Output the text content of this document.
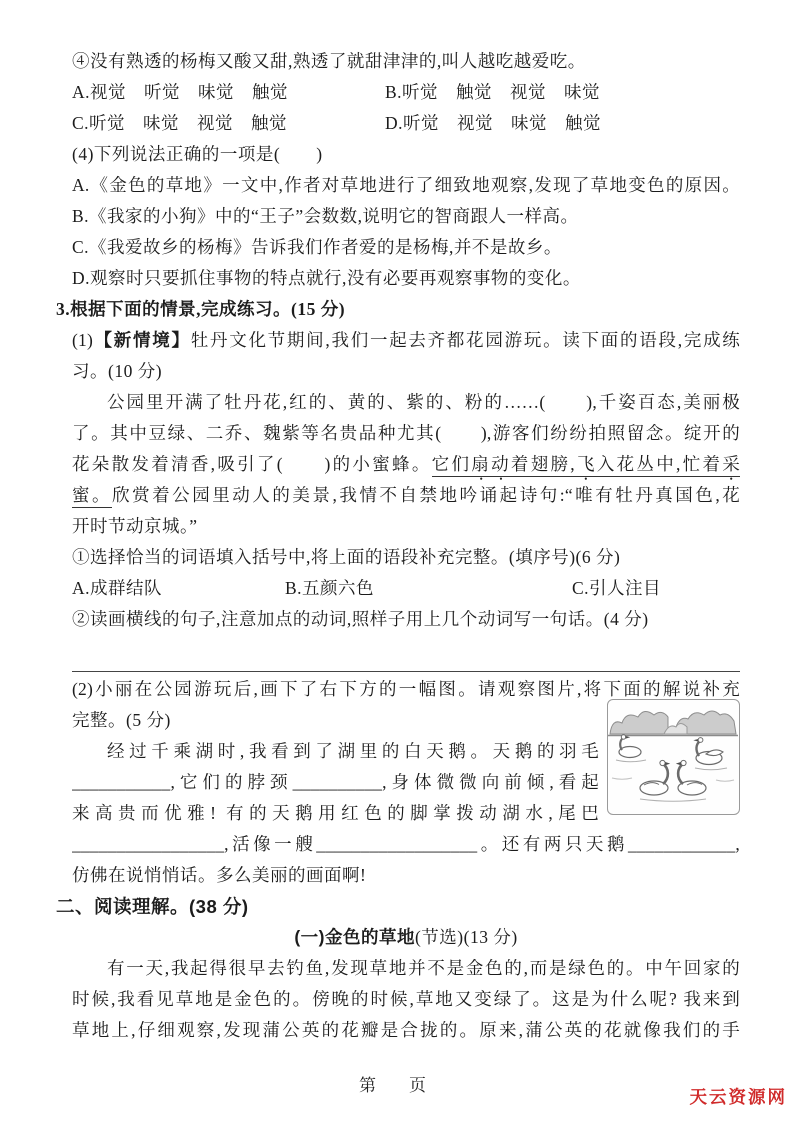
④没有熟透的杨梅又酸又甜,熟透了就甜津津的,叫人越吃越爱吃。
A.视觉　听觉　味觉　触觉	B.听觉　触觉　视觉　味觉
C.听觉　味觉　视觉　触觉	D.听觉　视觉　味觉　触觉
(4)下列说法正确的一项是(　　)
A.《金色的草地》一文中,作者对草地进行了细致地观察,发现了草地变色的原因。
B.《我家的小狗》中的“王子”会数数,说明它的智商跟人一样高。
C.《我爱故乡的杨梅》告诉我们作者爱的是杨梅,并不是故乡。
D.观察时只要抓住事物的特点就行,没有必要再观察事物的变化。
3.根据下面的情景,完成练习。(15 分)
(1)【新情境】牡丹文化节期间,我们一起去齐都花园游玩。读下面的语段,完成练
习。(10 分)
公园里开满了牡丹花,红的、黄的、紫的、粉的……(　　),千姿百态,美丽极
了。其中豆绿、二乔、魏紫等名贵品种尤其(　　),游客们纷纷拍照留念。绽开的
花朵散发着清香,吸引了(　　)的小蜜蜂。它们扇动着翅膀,飞入花丛中,忙着采
蜜。欣赏着公园里动人的美景,我情不自禁地吟诵起诗句:“唯有牡丹真国色,花
开时节动京城。”
①选择恰当的词语填入括号中,将上面的语段补充完整。(填序号)(6 分)
A.成群结队	B.五颜六色	C.引人注目
②读画横线的句子,注意加点的动词,照样子用上几个动词写一句话。(4 分)
(2)小丽在公园游玩后,画下了右下方的一幅图。请观察图片,将下面的解说补充
完整。(5 分)
经过千乘湖时,我看到了湖里的白天鹅。天鹅的羽毛
___________,它们的脖颈__________,身体微微向前倾,看起
来高贵而优雅! 有的天鹅用红色的脚掌拨动湖水,尾巴
_________________,活像一艘__________________。还有两只天鹅____________,
仿佛在说悄悄话。多么美丽的画面啊!
二、阅读理解。(38 分)
(一)金色的草地(节选)(13 分)
有一天,我起得很早去钓鱼,发现草地并不是金色的,而是绿色的。中午回家的
时候,我看见草地是金色的。傍晚的时候,草地又变绿了。这是为什么呢? 我来到
草地上,仔细观察,发现蒲公英的花瓣是合拢的。原来,蒲公英的花就像我们的手
第　页
天云资源网
